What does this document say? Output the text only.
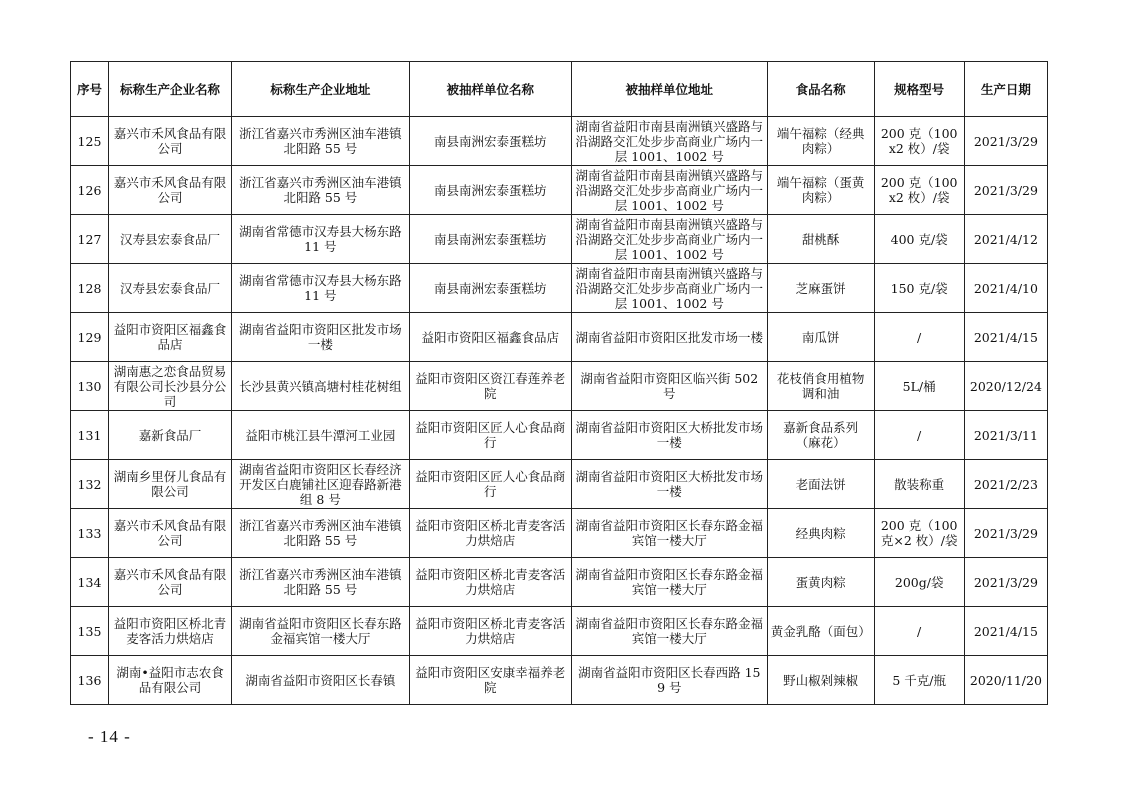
序号	标称生产企业名称	标称生产企业地址	被抽样单位名称	被抽样单位地址	食品名称	规格型号	生产日期
125	嘉兴市禾风食品有限公司	浙江省嘉兴市秀洲区油车港镇北阳路 55 号	南县南洲宏泰蛋糕坊	湖南省益阳市南县南洲镇兴盛路与沿湖路交汇处步步高商业广场内一层 1001、1002 号	端午福粽（经典肉粽）	200 克（100x2 枚）/袋	2021/3/29
126	嘉兴市禾风食品有限公司	浙江省嘉兴市秀洲区油车港镇北阳路 55 号	南县南洲宏泰蛋糕坊	湖南省益阳市南县南洲镇兴盛路与沿湖路交汇处步步高商业广场内一层 1001、1002 号	端午福粽（蛋黄肉粽）	200 克（100x2 枚）/袋	2021/3/29
127	汉寿县宏泰食品厂	湖南省常德市汉寿县大杨东路 11 号	南县南洲宏泰蛋糕坊	湖南省益阳市南县南洲镇兴盛路与沿湖路交汇处步步高商业广场内一层 1001、1002 号	甜桃酥	400 克/袋	2021/4/12
128	汉寿县宏泰食品厂	湖南省常德市汉寿县大杨东路 11 号	南县南洲宏泰蛋糕坊	湖南省益阳市南县南洲镇兴盛路与沿湖路交汇处步步高商业广场内一层 1001、1002 号	芝麻蛋饼	150 克/袋	2021/4/10
129	益阳市资阳区福鑫食品店	湖南省益阳市资阳区批发市场一楼	益阳市资阳区福鑫食品店	湖南省益阳市资阳区批发市场一楼	南瓜饼	/	2021/4/15
130	湖南惠之恋食品贸易有限公司长沙县分公司	长沙县黄兴镇高塘村桂花树组	益阳市资阳区资江春莲养老院	湖南省益阳市资阳区临兴街 502 号	花枝俏食用植物调和油	5L/桶	2020/12/24
131	嘉新食品厂	益阳市桃江县牛潭河工业园	益阳市资阳区匠人心食品商行	湖南省益阳市资阳区大桥批发市场一楼	嘉新食品系列（麻花）	/	2021/3/11
132	湖南乡里伢儿食品有限公司	湖南省益阳市资阳区长春经济开发区白鹿铺社区迎春路新港组 8 号	益阳市资阳区匠人心食品商行	湖南省益阳市资阳区大桥批发市场一楼	老面法饼	散装称重	2021/2/23
133	嘉兴市禾风食品有限公司	浙江省嘉兴市秀洲区油车港镇北阳路 55 号	益阳市资阳区桥北青麦客活力烘焙店	湖南省益阳市资阳区长春东路金福宾馆一楼大厅	经典肉粽	200 克（100 克×2 枚）/袋	2021/3/29
134	嘉兴市禾风食品有限公司	浙江省嘉兴市秀洲区油车港镇北阳路 55 号	益阳市资阳区桥北青麦客活力烘焙店	湖南省益阳市资阳区长春东路金福宾馆一楼大厅	蛋黄肉粽	200g/袋	2021/3/29
135	益阳市资阳区桥北青麦客活力烘焙店	湖南省益阳市资阳区长春东路金福宾馆一楼大厅	益阳市资阳区桥北青麦客活力烘焙店	湖南省益阳市资阳区长春东路金福宾馆一楼大厅	黄金乳酪（面包）	/	2021/4/15
136	湖南•益阳市志农食品有限公司	湖南省益阳市资阳区长春镇	益阳市资阳区安康幸福养老院	湖南省益阳市资阳区长春西路 159 号	野山椒剁辣椒	5 千克/瓶	2020/11/20
- 14 -
